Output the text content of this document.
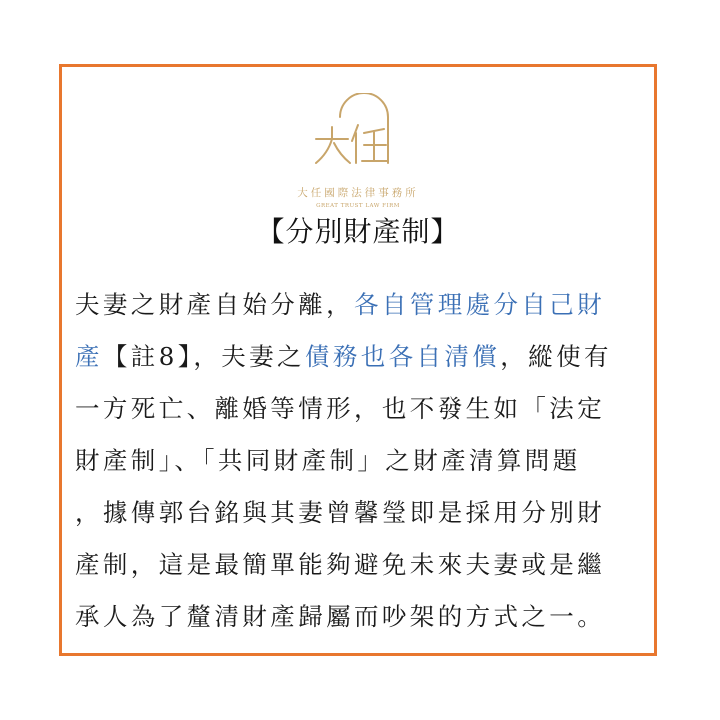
大任國際法律事務所
GREAT TRUST LAW FIRM
【分別財產制】
夫妻之財產自始分離，各自管理處分自己財
產【註8】，夫妻之債務也各自清償，縱使有
一方死亡、離婚等情形，也不發生如「法定
財產制」、「共同財產制」之財產清算問題
，據傳郭台銘與其妻曾馨瑩即是採用分別財
產制，這是最簡單能夠避免未來夫妻或是繼
承人為了釐清財產歸屬而吵架的方式之一。
